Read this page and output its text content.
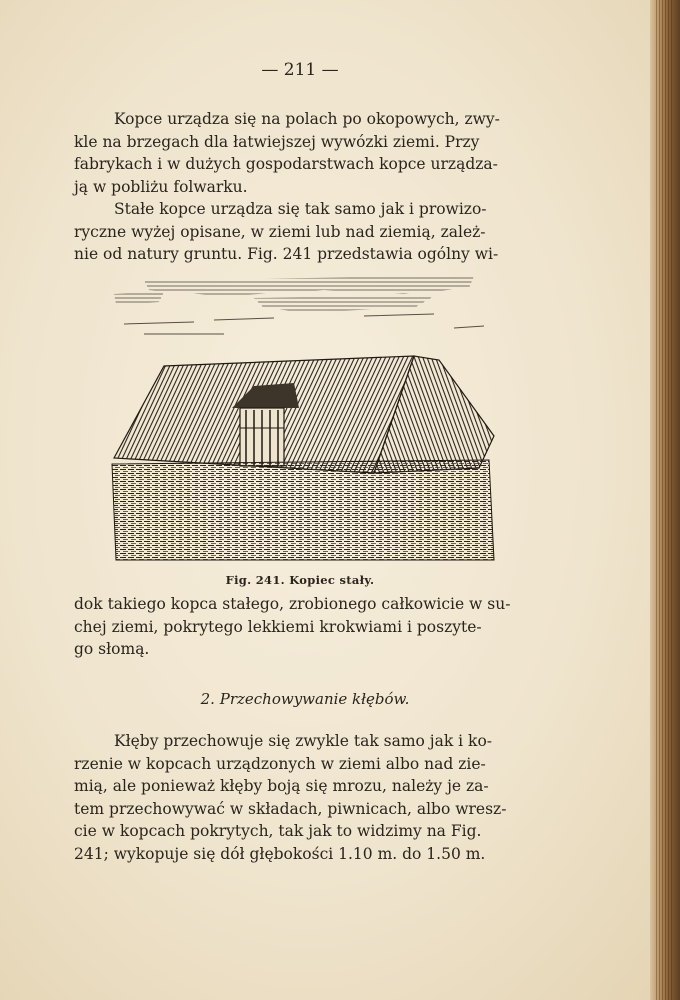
— 211 —
Kopce urządza się na polach po okopowych, zwy-
kle na brzegach dla łatwiejszej wywózki ziemi. Przy
fabrykach i w dużych gospodarstwach kopce urządza-
ją w pobliżu folwarku.
Stałe kopce urządza się tak samo jak i prowizo-
ryczne wyżej opisane, w ziemi lub nad ziemią, zależ-
nie od natury gruntu. Fig. 241 przedstawia ogólny wi-
Fig. 241. Kopiec stały.
dok takiego kopca stałego, zrobionego całkowicie w su-
chej ziemi, pokrytego lekkiemi krokwiami i poszyte-
go słomą.
2. Przechowywanie kłębów.
Kłęby przechowuje się zwykle tak samo jak i ko-
rzenie w kopcach urządzonych w ziemi albo nad zie-
mią, ale ponieważ kłęby boją się mrozu, należy je za-
tem przechowywać w składach, piwnicach, albo wresz-
cie w kopcach pokrytych, tak jak to widzimy na Fig.
241; wykopuje się dół głębokości 1.10 m. do 1.50 m.
